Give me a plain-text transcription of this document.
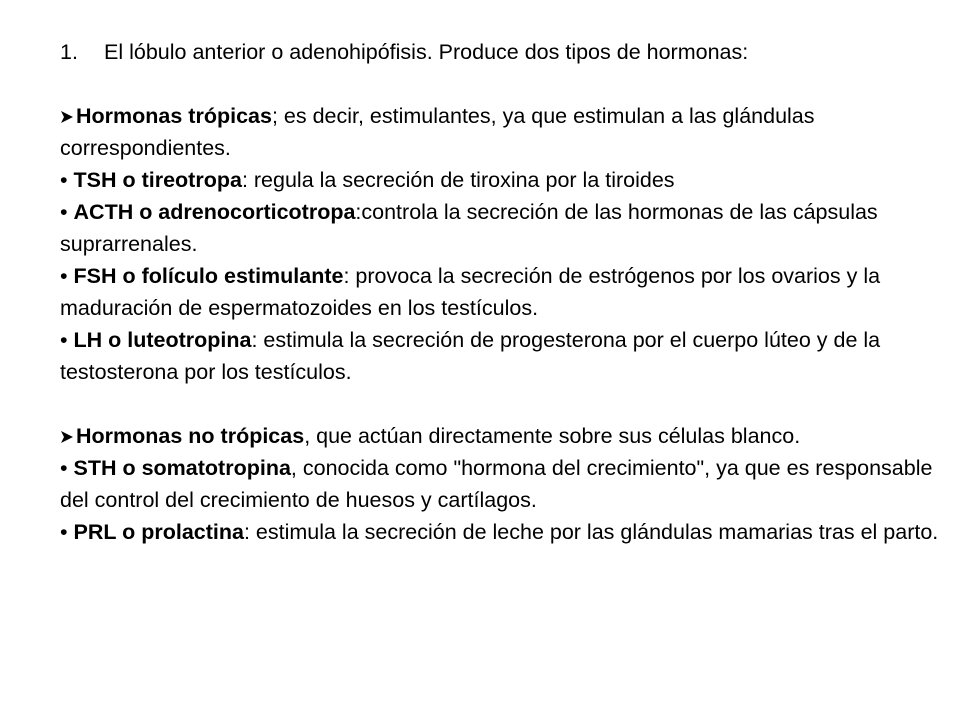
1.	El lóbulo anterior o adenohipófisis. Produce dos tipos de hormonas:

Hormonas trópicas; es decir, estimulantes, ya que estimulan a las glándulas correspondientes.

• TSH o tireotropa: regula la secreción de tiroxina por la tiroides

• ACTH o adrenocorticotropa:controla la secreción de las hormonas de las cápsulas suprarrenales.

• FSH o folículo estimulante: provoca la secreción de estrógenos por los ovarios y la maduración de espermatozoides en los testículos.

• LH o luteotropina: estimula la secreción de progesterona por el cuerpo lúteo y de la testosterona por los testículos.

Hormonas no trópicas, que actúan directamente sobre sus células blanco.

• STH o somatotropina, conocida como "hormona del crecimiento", ya que es responsable del control del crecimiento de huesos y cartílagos.

• PRL o prolactina: estimula la secreción de leche por las glándulas mamarias tras el parto.
